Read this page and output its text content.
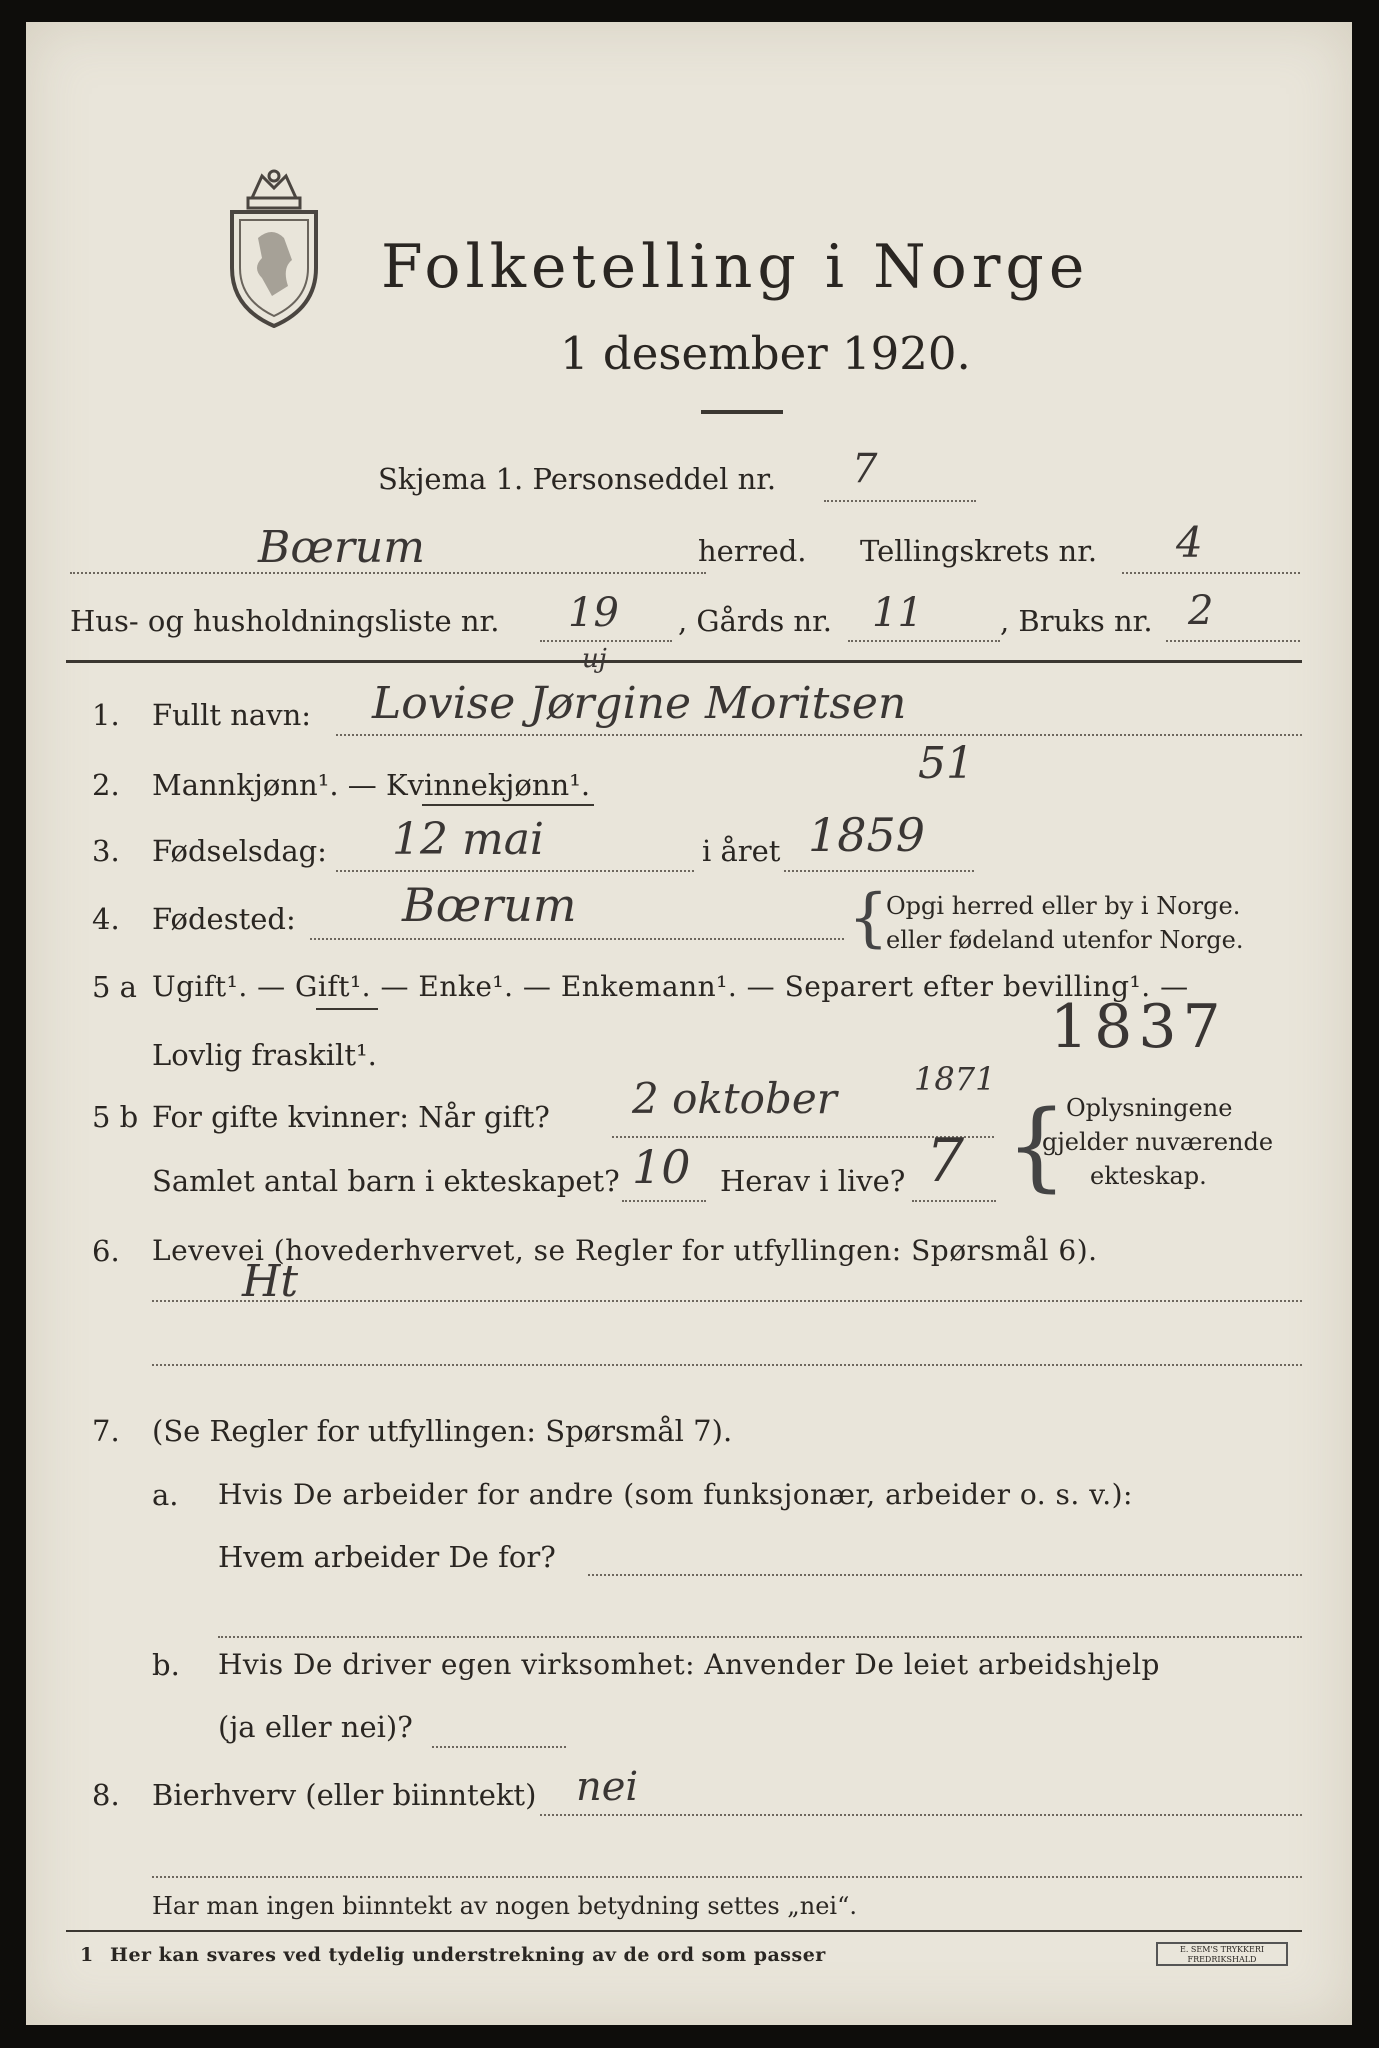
Folketelling i Norge
1 desember 1920.
Skjema 1. Personseddel nr. 7
Bœrum	herred. Tellingskrets nr. 4
Hus- og husholdningsliste nr. 19 , Gårds nr. 11	, Bruks nr. 2
1. Fullt navn:
uj
Lovise Jørgine Moritsen
2. Mannkjønn¹. — Kvinnekjønn¹.	51
3. Fødselsdag: 12 mai	i året 1859
4. Fødested: Bœrum	{
Opgi herred eller by i Norge.
eller fødeland utenfor Norge.
5 a Ugift¹. — Gift¹. — Enke¹. — Enkemann¹. — Separert efter bevilling¹. —
Lovlig fraskilt¹.	1837
5 b For gifte kvinner: Når gift? 2 oktober 1871
Samlet antal barn i ekteskapet? 10 Herav i live? 7 {
Oplysningene
gjelder nuværende
ekteskap.
6. Levevei (hovederhvervet, se Regler for utfyllingen: Spørsmål 6).
Ht
7. (Se Regler for utfyllingen: Spørsmål 7).
a. Hvis De arbeider for andre (som funksjonær, arbeider o. s. v.):
Hvem arbeider De for?
b. Hvis De driver egen virksomhet: Anvender De leiet arbeidshjelp
(ja eller nei)?
8. Bierhverv (eller biinntekt) nei
Har man ingen biinntekt av nogen betydning settes „nei“.
1 Her kan svares ved tydelig understrekning av de ord som passer	E. SEM'S TRYKKERI FREDRIKSHALD
